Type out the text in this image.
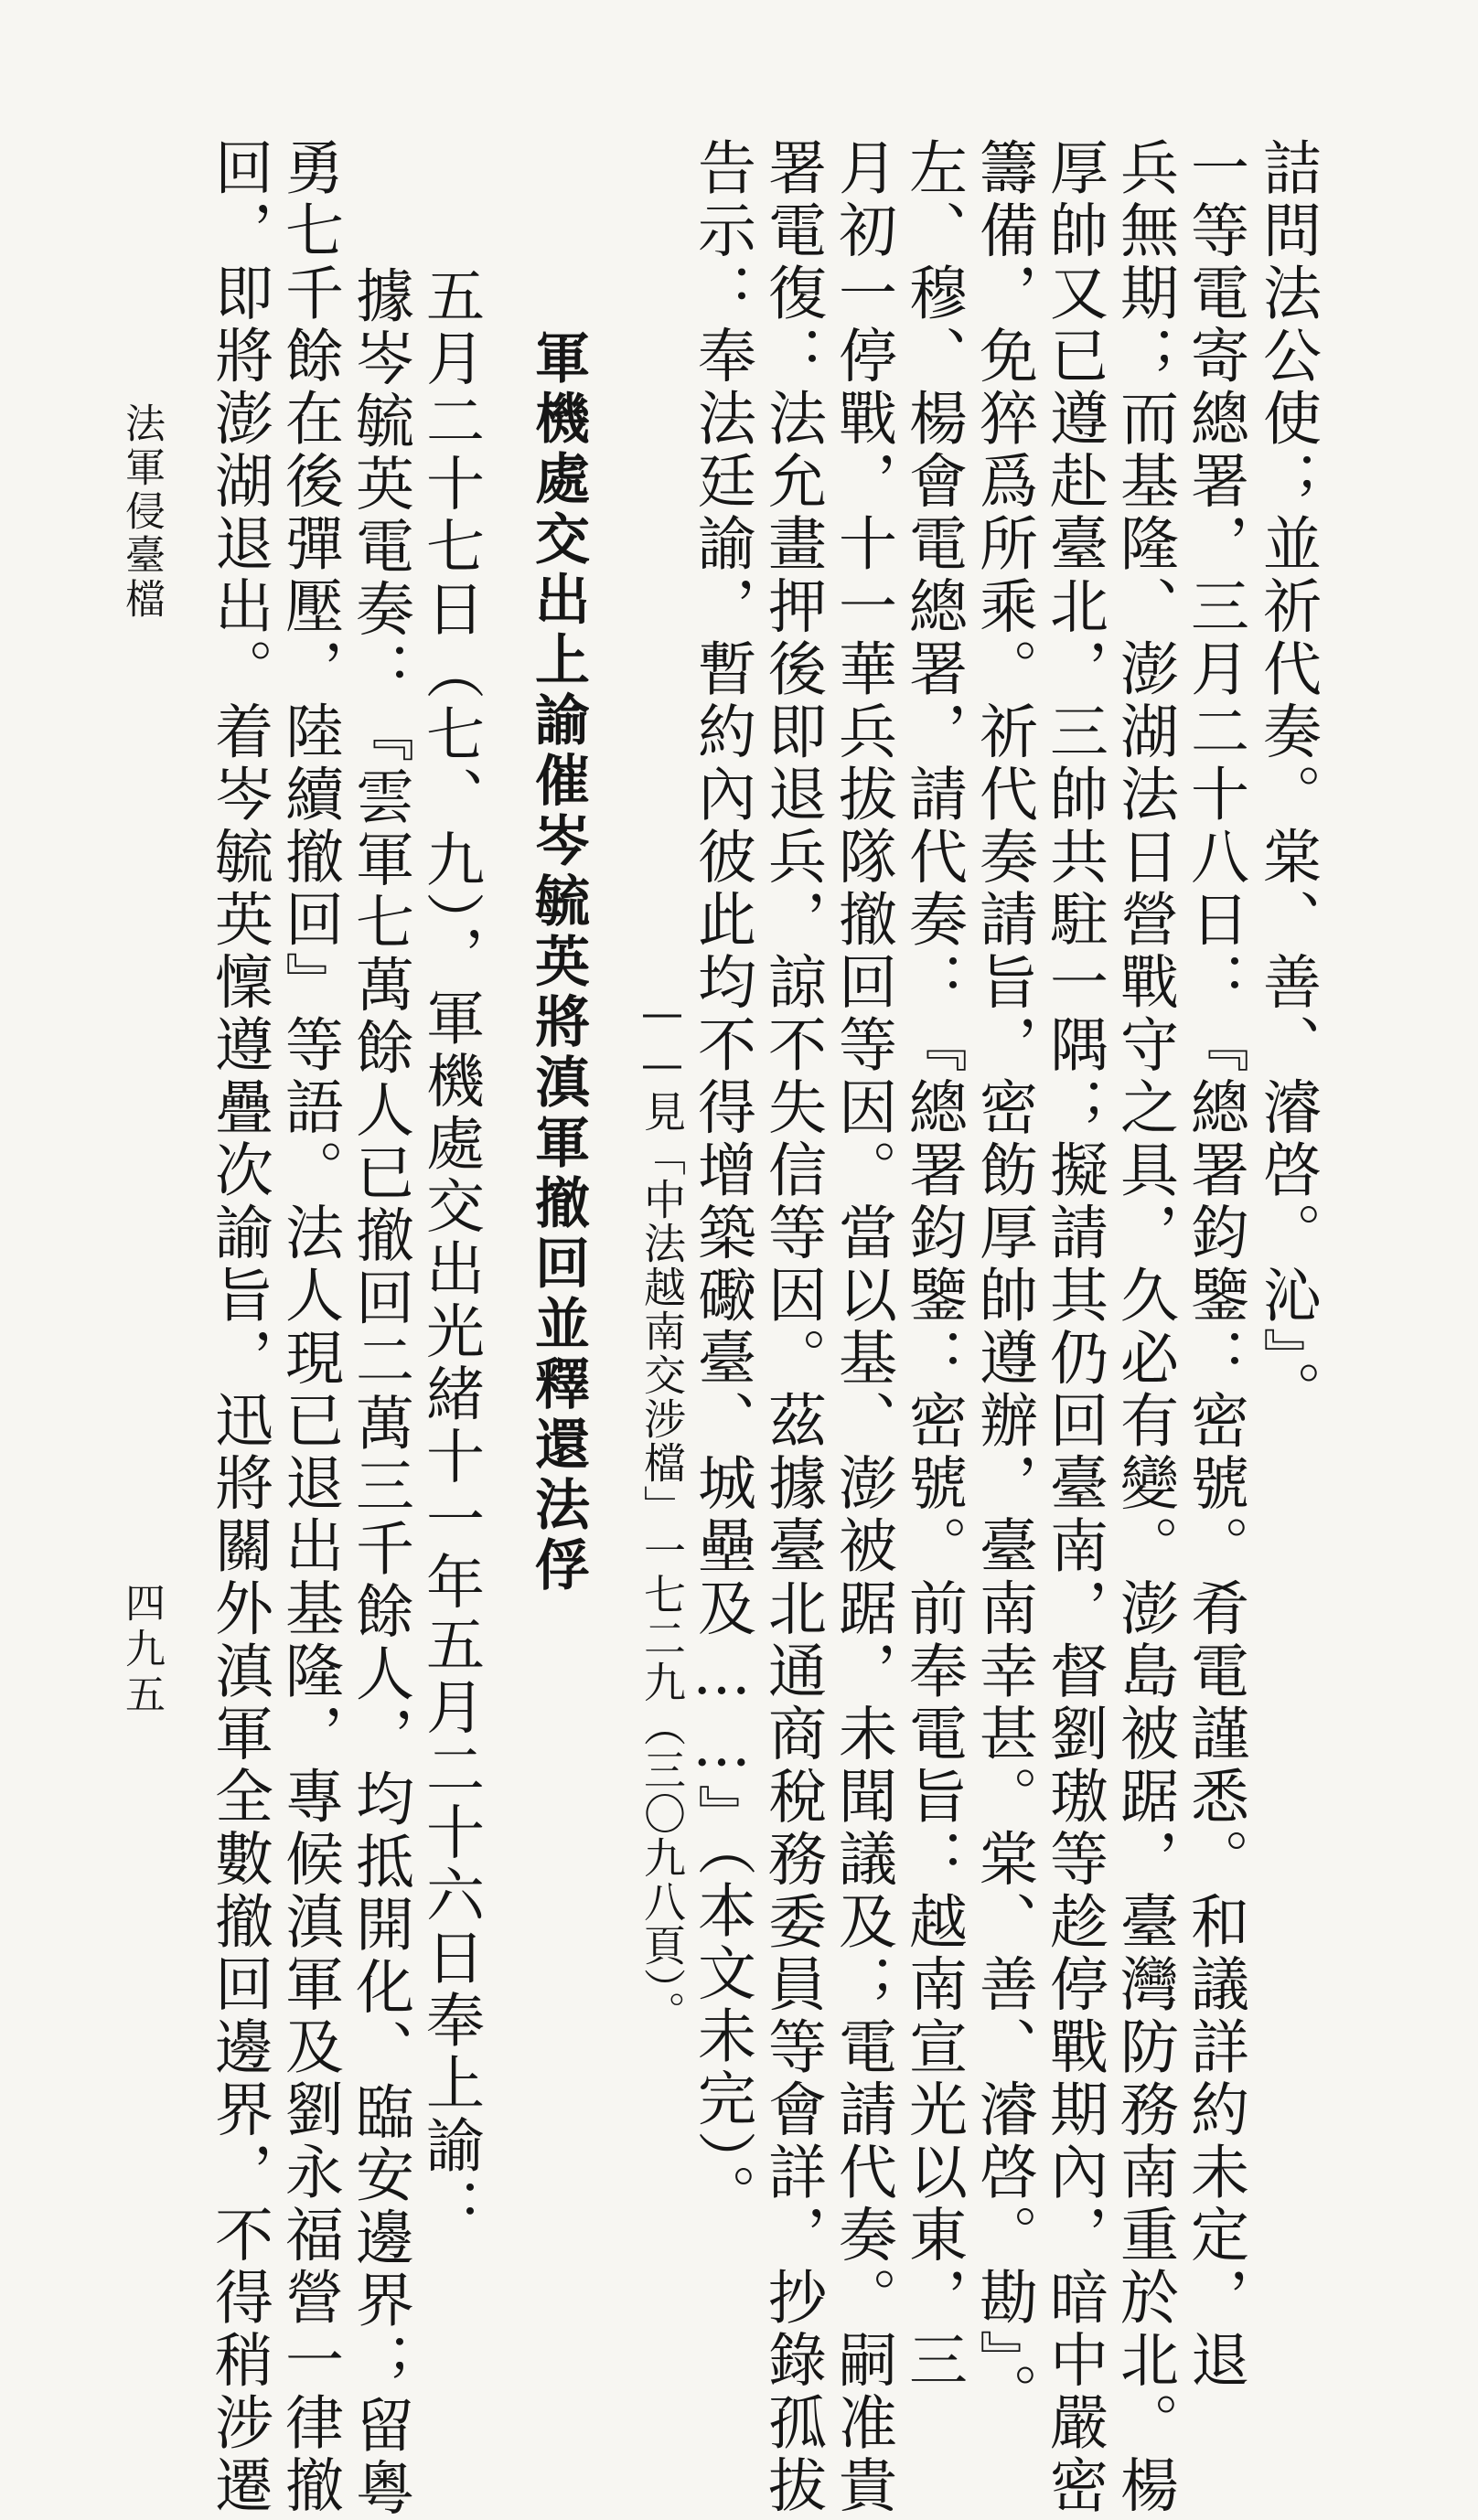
詰問法公使；並祈代奏。棠、善、濬啓。沁』。
一等電寄總署，三月二十八日：『總署鈞鑒：密號。肴電謹悉。和議詳約未定，退
兵無期；而基隆、澎湖法日營戰守之具，久必有變。澎島被踞，臺灣防務南重於北。楊
厚帥又已遵赴臺北，三帥共駐一隅；擬請其仍回臺南，督劉璈等趁停戰期內，暗中嚴密
籌備，免猝爲所乘。祈代奏請旨，密飭厚帥遵辦，臺南幸甚。棠、善、濬啓。勘』。
左、穆、楊會電總署，請代奏：『總署鈞鑒：密號。前奉電旨：越南宣光以東，三
月初一停戰，十一華兵拔隊撤回等因。當以基、澎被踞，未聞議及；電請代奏。嗣准貴
署電復：法允畫押後即退兵，諒不失信等因。茲據臺北通商稅務委員等會詳，抄錄孤拔
告示：奉法廷諭，暫約內彼此均不得增築礮臺、城壘及……』（本文未完）。
——見「中法越南交涉檔」一七二九（三〇九八頁）。
軍機處交出上諭催岑毓英將滇軍撤回並釋還法俘
五月二十七日（七、九），軍機處交出光緒十一年五月二十六日奉上諭：
據岑毓英電奏：『雲軍七萬餘人已撤回二萬三千餘人，均抵開化、臨安邊界；留粵
勇七千餘在後彈壓，陸續撤回』等語。法人現已退出基隆，專候滇軍及劉永福營一律撤
回，即將澎湖退出。着岑毓英懍遵疊次諭旨，迅將關外滇軍全數撤回邊界，不得稍涉遷
四九五
法軍侵臺檔
